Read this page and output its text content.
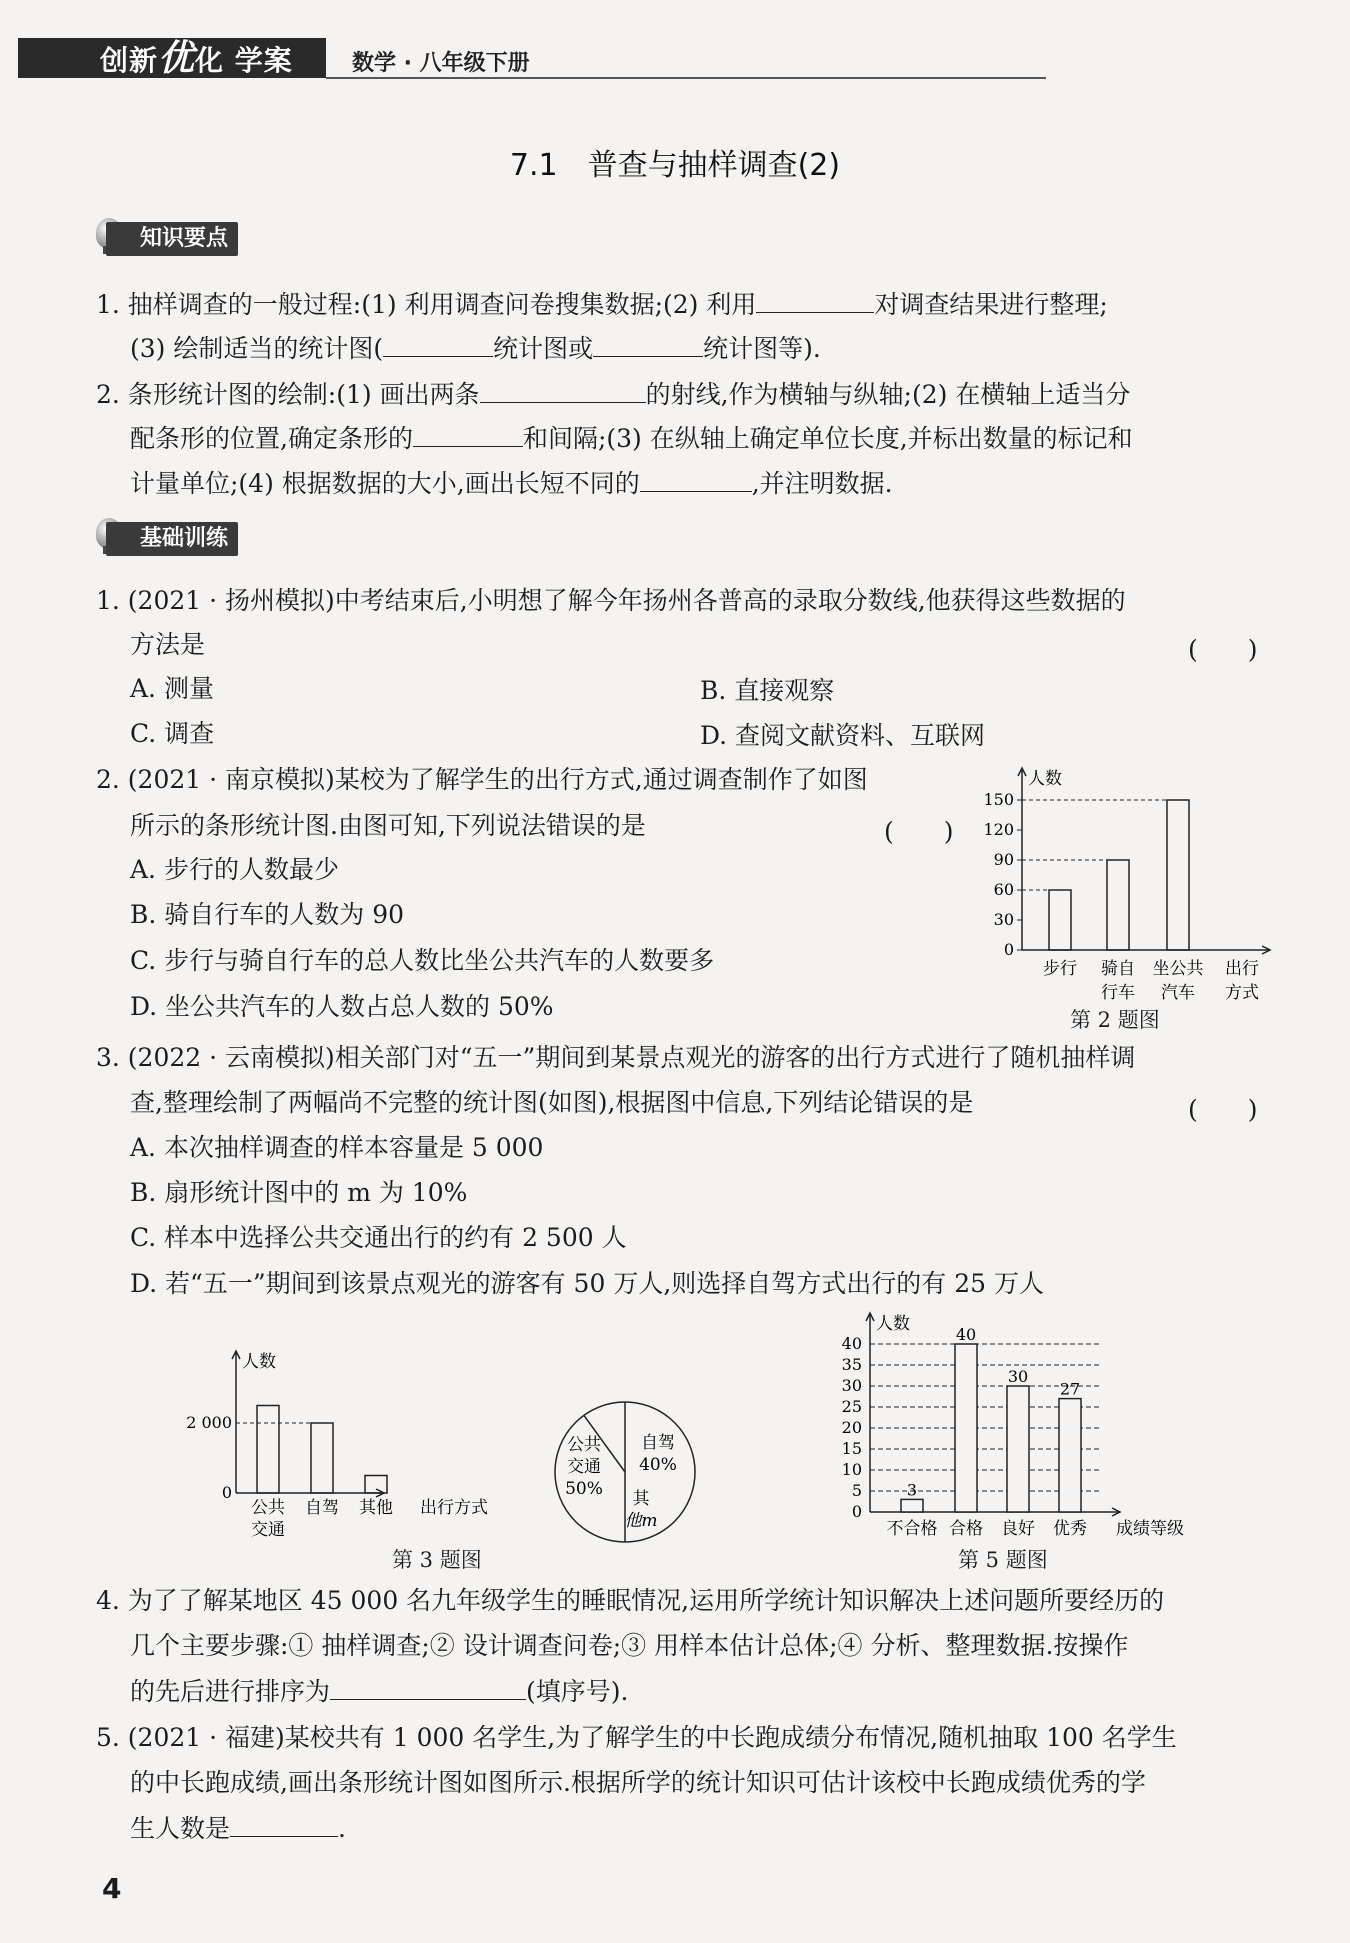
创新优化 学案	数学 · 八年级下册
7.1　普查与抽样调查(2)
知识要点
1. 抽样调查的一般过程:(1) 利用调查问卷搜集数据;(2) 利用	对调查结果进行整理;
(3) 绘制适当的统计图(	统计图或	统计图等).
2. 条形统计图的绘制:(1) 画出两条	的射线,作为横轴与纵轴;(2) 在横轴上适当分
配条形的位置,确定条形的	和间隔;(3) 在纵轴上确定单位长度,并标出数量的标记和
计量单位;(4) 根据数据的大小,画出长短不同的	,并注明数据.
基础训练
1. (2021 · 扬州模拟)中考结束后,小明想了解今年扬州各普高的录取分数线,他获得这些数据的
方法是	(　　)
A. 测量	B. 直接观察
C. 调查	D. 查阅文献资料、互联网
2. (2021 · 南京模拟)某校为了解学生的出行方式,通过调查制作了如图
所示的条形统计图.由图可知,下列说法错误的是	(　　)
A. 步行的人数最少
B. 骑自行车的人数为 90
C. 步行与骑自行车的总人数比坐公共汽车的人数要多
D. 坐公共汽车的人数占总人数的 50%
人数
0
30
60
90
120
150
步行 骑自
行车
坐公共
汽车
出行
方式
第 2 题图
3. (2022 · 云南模拟)相关部门对“五一”期间到某景点观光的游客的出行方式进行了随机抽样调
查,整理绘制了两幅尚不完整的统计图(如图),根据图中信息,下列结论错误的是	(　　)
A. 本次抽样调查的样本容量是 5 000
B. 扇形统计图中的 m 为 10%
C. 样本中选择公共交通出行的约有 2 500 人
D. 若“五一”期间到该景点观光的游客有 50 万人,则选择自驾方式出行的有 25 万人
人数
0
2 000
公共
交通
自驾 其他 出行方式
公共
交通
50%
自驾
40%
其
他m
第 3 题图
人数
0
5
10
15
20
25
30
35
40
3
不合格
40
合格
30
良好
27
优秀 成绩等级
第 5 题图
4. 为了了解某地区 45 000 名九年级学生的睡眠情况,运用所学统计知识解决上述问题所要经历的
几个主要步骤:① 抽样调查;② 设计调查问卷;③ 用样本估计总体;④ 分析、整理数据.按操作
的先后进行排序为	(填序号).
5. (2021 · 福建)某校共有 1 000 名学生,为了解学生的中长跑成绩分布情况,随机抽取 100 名学生
的中长跑成绩,画出条形统计图如图所示.根据所学的统计知识可估计该校中长跑成绩优秀的学
生人数是	.
4
